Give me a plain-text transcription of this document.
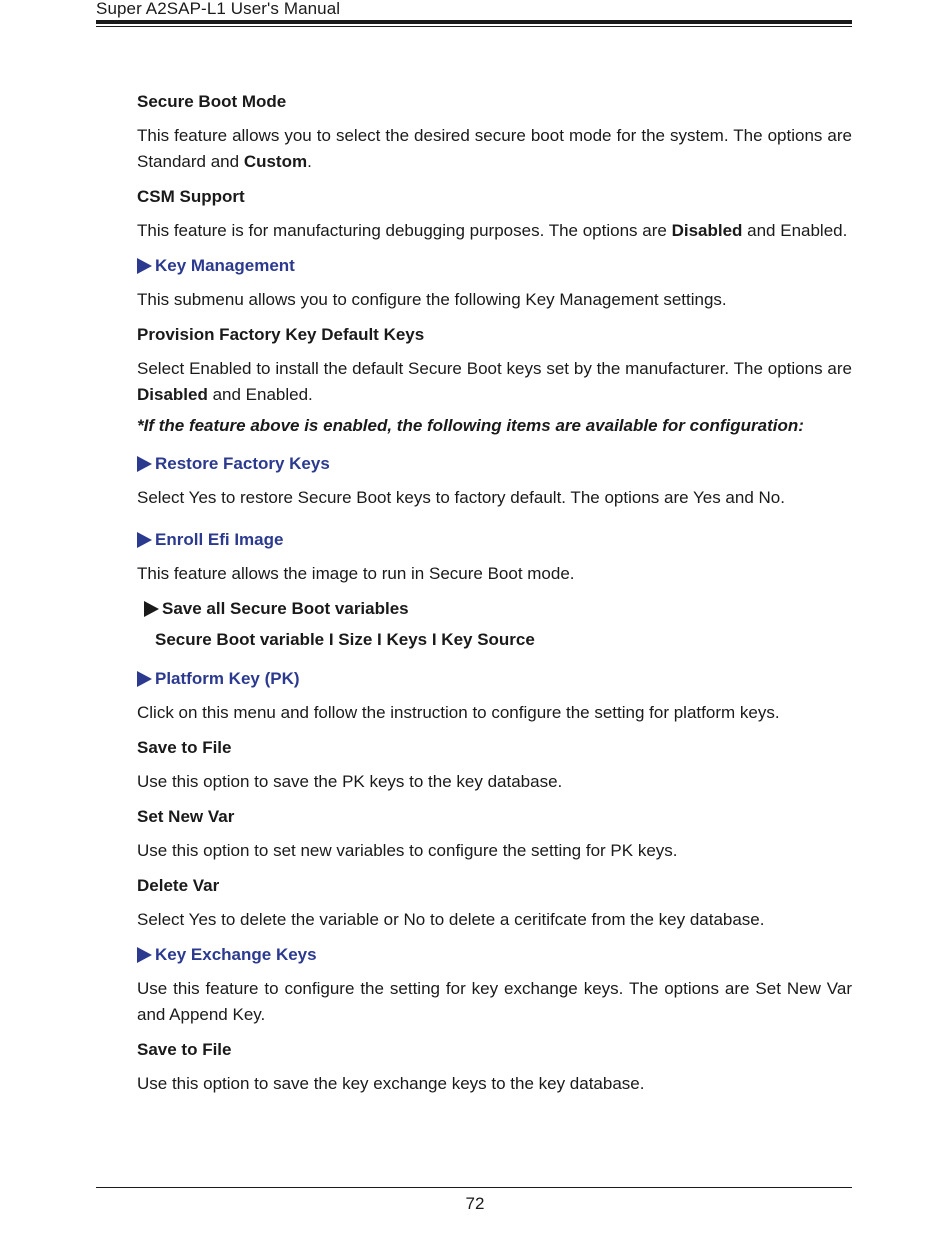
Super A2SAP-L1 User's Manual
Secure Boot Mode
This feature allows you to select the desired secure boot mode for the system. The options are Standard and Custom.
CSM Support
This feature is for manufacturing debugging purposes. The options are Disabled and Enabled.
Key Management
This submenu allows you to configure the following Key Management settings.
Provision Factory Key Default Keys
Select Enabled to install the default Secure Boot keys set by the manufacturer. The options are Disabled and Enabled.
*If the feature above is enabled, the following items are available for configuration:
Restore Factory Keys
Select Yes to restore Secure Boot keys to factory default. The options are Yes and No.
Enroll Efi Image
This feature allows the image to run in Secure Boot mode.
Save all Secure Boot variables
Secure Boot variable I Size I Keys I Key Source
Platform Key (PK)
Click on this menu and follow the instruction to configure the setting for platform keys.
Save to File
Use this option to save the PK keys to the key database.
Set New Var
Use this option to set new variables to configure the setting for PK keys.
Delete Var
Select Yes to delete the variable or No to delete a ceritifcate from the key database.
Key Exchange Keys
Use this feature to configure the setting for key exchange keys. The options are Set New Var and Append Key.
Save to File
Use this option to save the key exchange keys to the key database.
72
